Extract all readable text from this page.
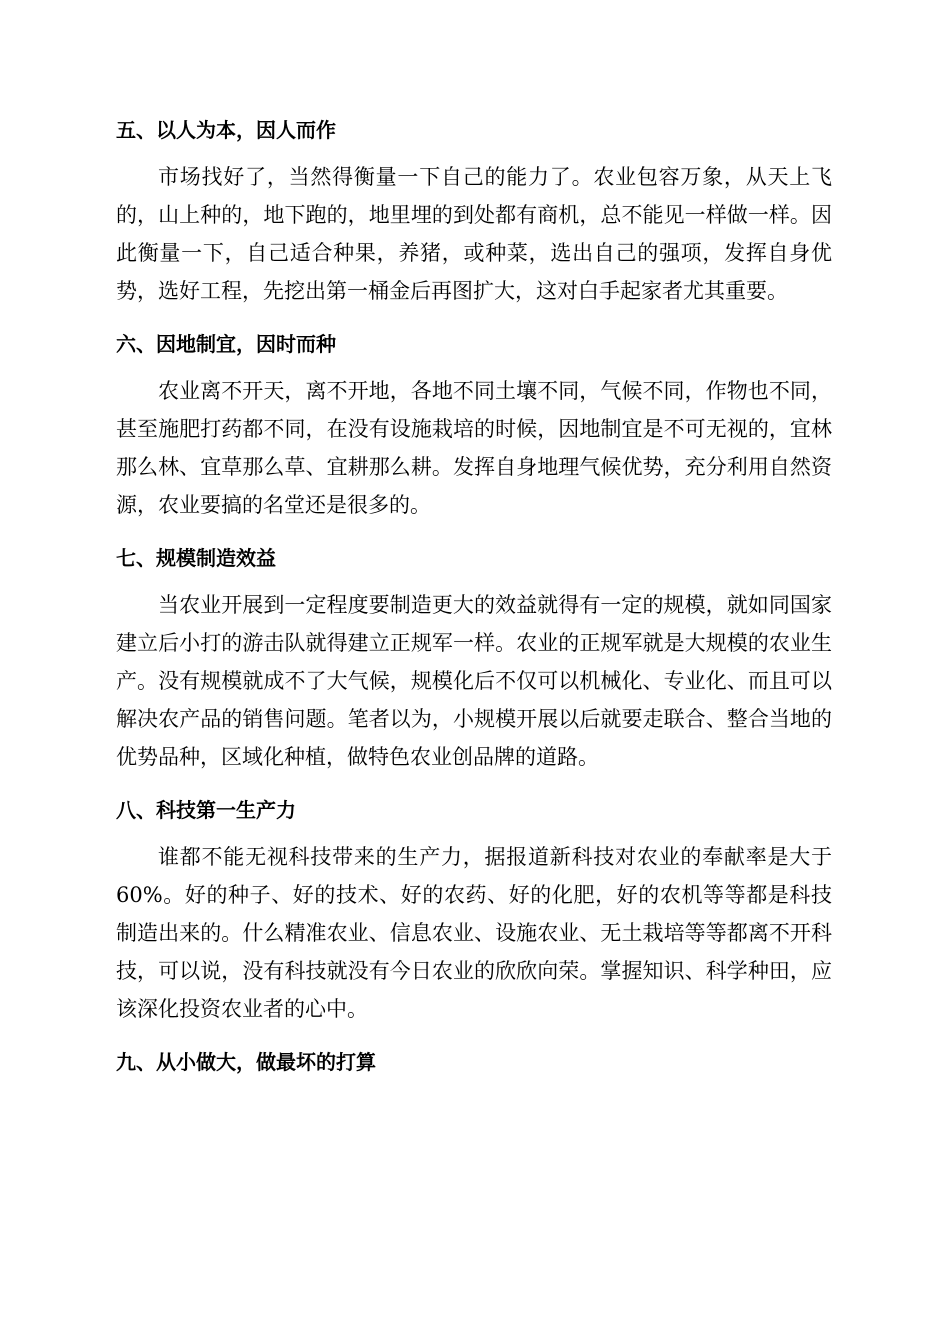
五、以人为本，因人而作

市场找好了，当然得衡量一下自己的能力了。农业包容万象，从天上飞的，山上种的，地下跑的，地里埋的到处都有商机，总不能见一样做一样。因此衡量一下，自己适合种果，养猪，或种菜，选出自己的强项，发挥自身优势，选好工程，先挖出第一桶金后再图扩大，这对白手起家者尤其重要。

六、因地制宜，因时而种

农业离不开天，离不开地，各地不同土壤不同，气候不同，作物也不同，甚至施肥打药都不同，在没有设施栽培的时候，因地制宜是不可无视的，宜林那么林、宜草那么草、宜耕那么耕。发挥自身地理气候优势，充分利用自然资源，农业要搞的名堂还是很多的。

七、规模制造效益

当农业开展到一定程度要制造更大的效益就得有一定的规模，就如同国家建立后小打的游击队就得建立正规军一样。农业的正规军就是大规模的农业生产。没有规模就成不了大气候，规模化后不仅可以机械化、专业化、而且可以解决农产品的销售问题。笔者以为，小规模开展以后就要走联合、整合当地的优势品种，区域化种植，做特色农业创品牌的道路。

八、科技第一生产力

谁都不能无视科技带来的生产力，据报道新科技对农业的奉献率是大于60%。好的种子、好的技术、好的农药、好的化肥，好的农机等等都是科技制造出来的。什么精准农业、信息农业、设施农业、无土栽培等等都离不开科技，可以说，没有科技就没有今日农业的欣欣向荣。掌握知识、科学种田，应该深化投资农业者的心中。

九、从小做大，做最坏的打算
